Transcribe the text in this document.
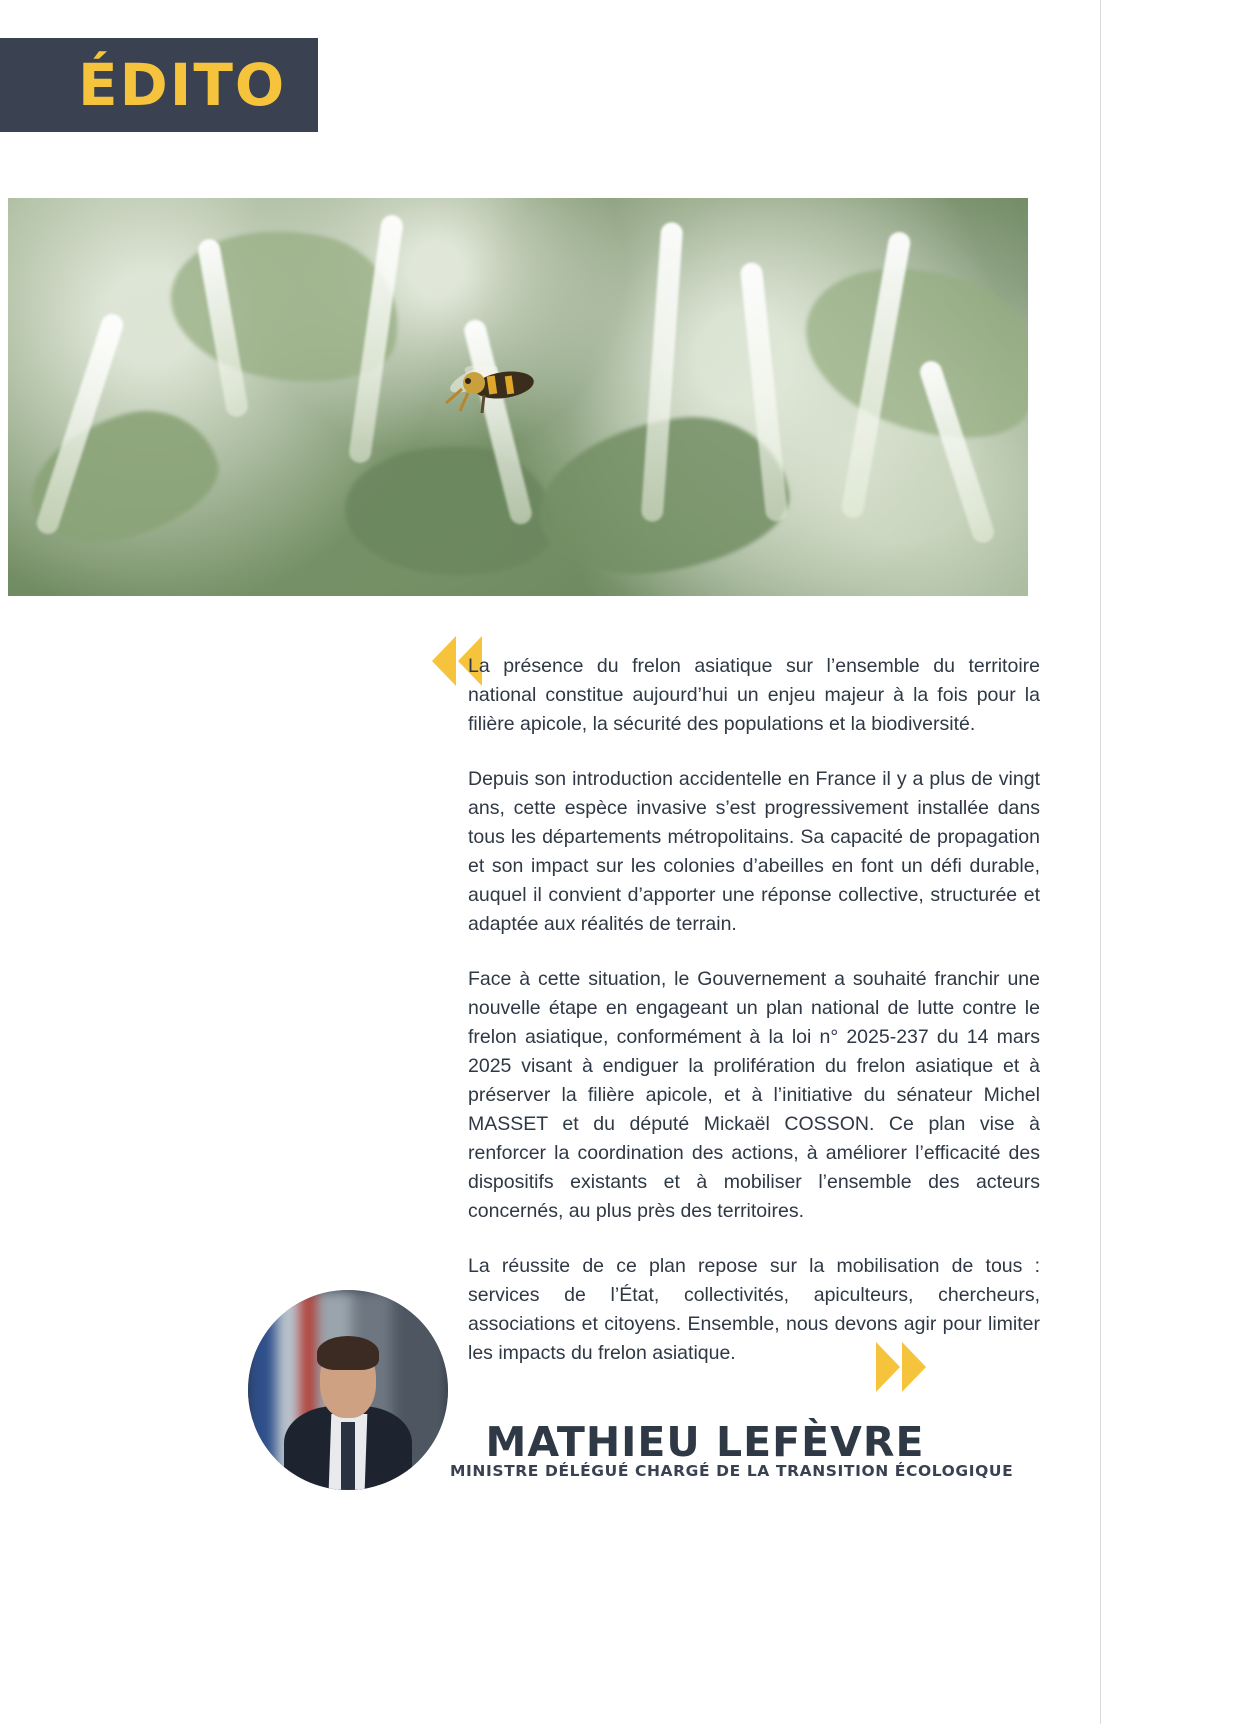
ÉDITO

La présence du frelon asiatique sur l’ensemble du territoire national constitue aujourd’hui un enjeu majeur à la fois pour la filière apicole, la sécurité des populations et la biodiversité.

Depuis son introduction accidentelle en France il y a plus de vingt ans, cette espèce invasive s’est progressivement installée dans tous les départements métropolitains. Sa capacité de propagation et son impact sur les colonies d’abeilles en font un défi durable, auquel il convient d’apporter une réponse collective, structurée et adaptée aux réalités de terrain.

Face à cette situation, le Gouvernement a souhaité franchir une nouvelle étape en engageant un plan national de lutte contre le frelon asiatique, conformément à la loi n° 2025-237 du 14 mars 2025 visant à endiguer la prolifération du frelon asiatique et à préserver la filière apicole, et à l’initiative du sénateur Michel MASSET et du député Mickaël COSSON. Ce plan vise à renforcer la coordination des actions, à améliorer l’efficacité des dispositifs existants et à mobiliser l’ensemble des acteurs concernés, au plus près des territoires.

La réussite de ce plan repose sur la mobilisation de tous : services de l’État, collectivités, apiculteurs, chercheurs, associations et citoyens. Ensemble, nous devons agir pour limiter les impacts du frelon asiatique.

MATHIEU LEFÈVRE
MINISTRE DÉLÉGUÉ CHARGÉ DE LA TRANSITION ÉCOLOGIQUE
